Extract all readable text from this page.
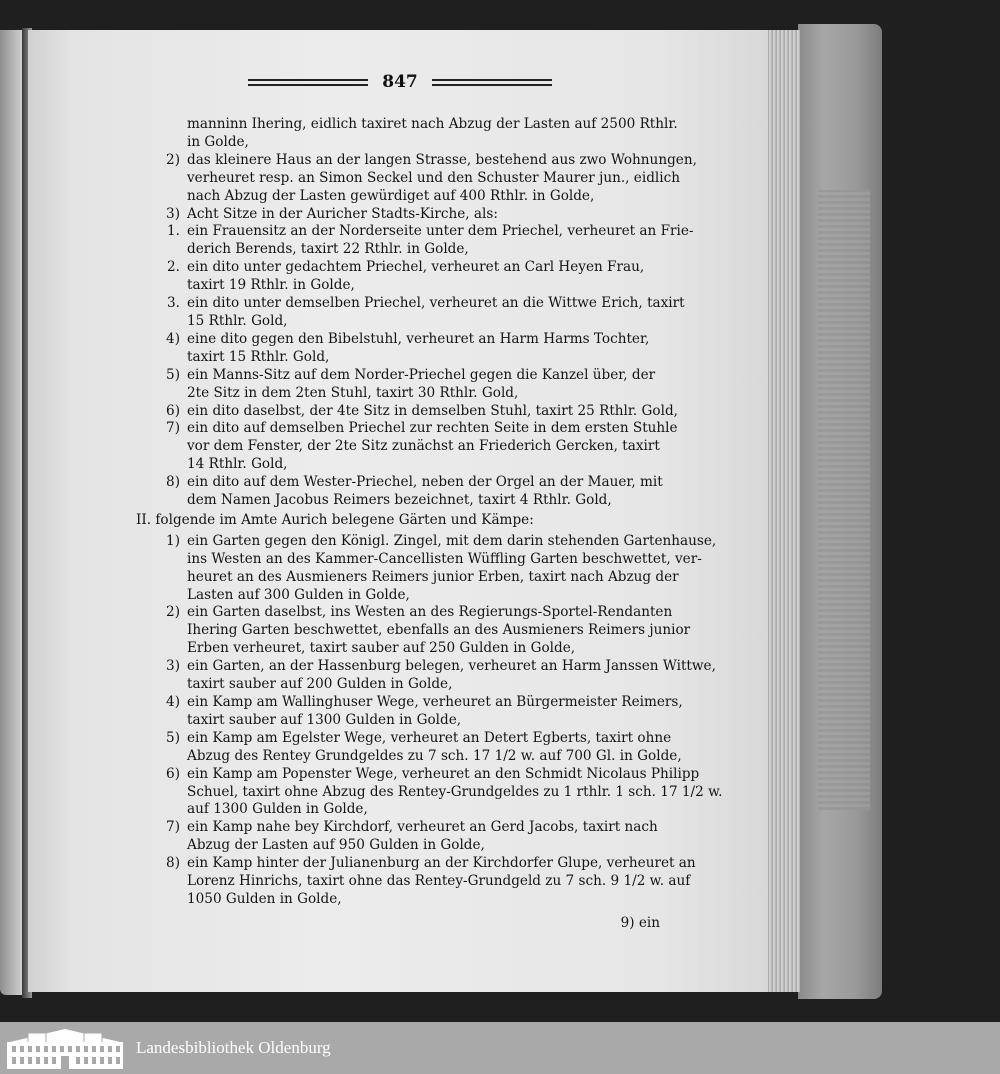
847
manninn Ihering, eidlich taxiret nach Abzug der Lasten auf 2500 Rthlr.
in Golde,
2) das kleinere Haus an der langen Strasse, bestehend aus zwo Wohnungen,
verheuret resp. an Simon Seckel und den Schuster Maurer jun., eidlich
nach Abzug der Lasten gewürdiget auf 400 Rthlr. in Golde,
3) Acht Sitze in der Auricher Stadts-Kirche, als:
1. ein Frauensitz an der Norderseite unter dem Priechel, verheuret an Frie-
derich Berends, taxirt 22 Rthlr. in Golde,
2. ein dito unter gedachtem Priechel, verheuret an Carl Heyen Frau,
taxirt 19 Rthlr. in Golde,
3. ein dito unter demselben Priechel, verheuret an die Wittwe Erich, taxirt
15 Rthlr. Gold,
4) eine dito gegen den Bibelstuhl, verheuret an Harm Harms Tochter,
taxirt 15 Rthlr. Gold,
5) ein Manns-Sitz auf dem Norder-Priechel gegen die Kanzel über, der
2te Sitz in dem 2ten Stuhl, taxirt 30 Rthlr. Gold,
6) ein dito daselbst, der 4te Sitz in demselben Stuhl, taxirt 25 Rthlr. Gold,
7) ein dito auf demselben Priechel zur rechten Seite in dem ersten Stuhle
vor dem Fenster, der 2te Sitz zunächst an Friederich Gercken, taxirt
14 Rthlr. Gold,
8) ein dito auf dem Wester-Priechel, neben der Orgel an der Mauer, mit
dem Namen Jacobus Reimers bezeichnet, taxirt 4 Rthlr. Gold,
II. folgende im Amte Aurich belegene Gärten und Kämpe:
1) ein Garten gegen den Königl. Zingel, mit dem darin stehenden Gartenhause,
ins Westen an des Kammer-Cancellisten Wüffling Garten beschwettet, ver-
heuret an des Ausmieners Reimers junior Erben, taxirt nach Abzug der
Lasten auf 300 Gulden in Golde,
2) ein Garten daselbst, ins Westen an des Regierungs-Sportel-Rendanten
Ihering Garten beschwettet, ebenfalls an des Ausmieners Reimers junior
Erben verheuret, taxirt sauber auf 250 Gulden in Golde,
3) ein Garten, an der Hassenburg belegen, verheuret an Harm Janssen Wittwe,
taxirt sauber auf 200 Gulden in Golde,
4) ein Kamp am Wallinghuser Wege, verheuret an Bürgermeister Reimers,
taxirt sauber auf 1300 Gulden in Golde,
5) ein Kamp am Egelster Wege, verheuret an Detert Egberts, taxirt ohne
Abzug des Rentey Grundgeldes zu 7 sch. 17 1/2 w. auf 700 Gl. in Golde,
6) ein Kamp am Popenster Wege, verheuret an den Schmidt Nicolaus Philipp
Schuel, taxirt ohne Abzug des Rentey-Grundgeldes zu 1 rthlr. 1 sch. 17 1/2 w.
auf 1300 Gulden in Golde,
7) ein Kamp nahe bey Kirchdorf, verheuret an Gerd Jacobs, taxirt nach
Abzug der Lasten auf 950 Gulden in Golde,
8) ein Kamp hinter der Julianenburg an der Kirchdorfer Glupe, verheuret an
Lorenz Hinrichs, taxirt ohne das Rentey-Grundgeld zu 7 sch. 9 1/2 w. auf
1050 Gulden in Golde,
9) ein
Landesbibliothek Oldenburg
